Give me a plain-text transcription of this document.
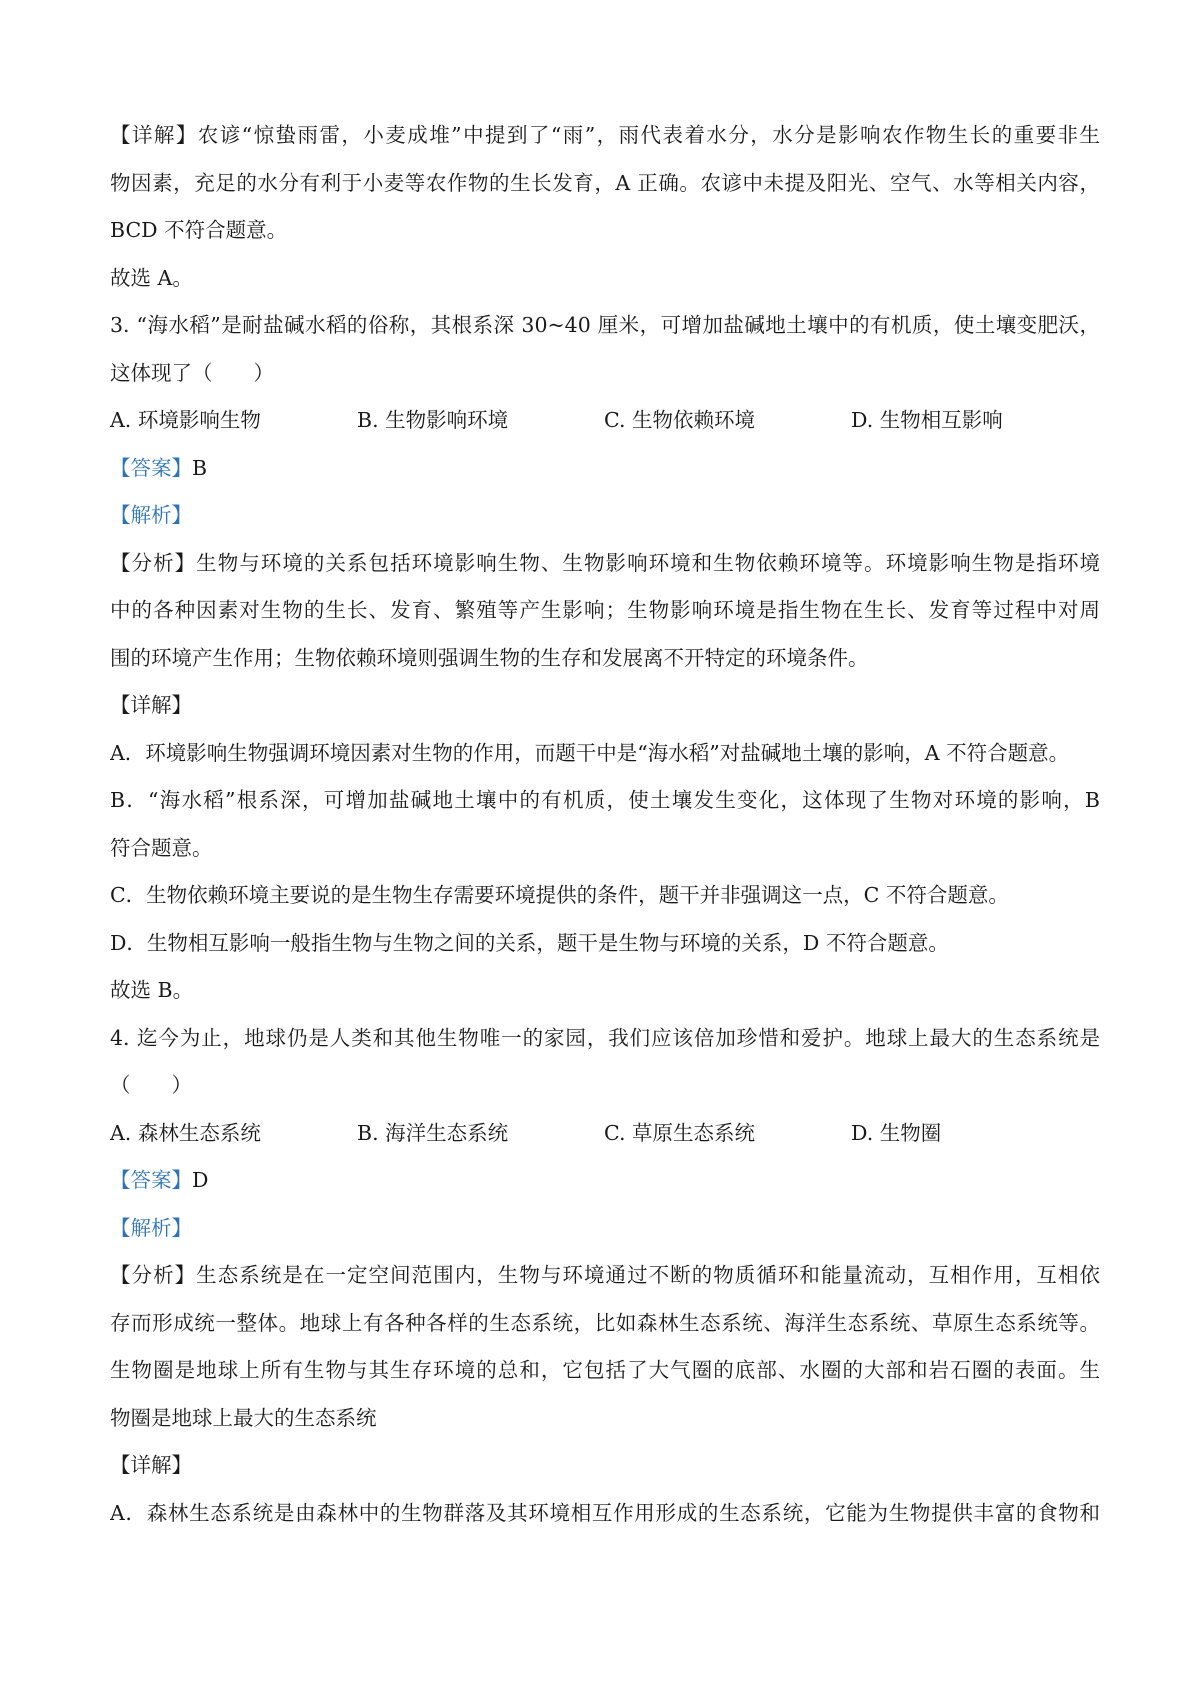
【详解】农谚“惊蛰雨雷，小麦成堆”中提到了“雨”，雨代表着水分，水分是影响农作物生长的重要非生
物因素，充足的水分有利于小麦等农作物的生长发育，A 正确。农谚中未提及阳光、空气、水等相关内容，
BCD 不符合题意。
故选 A。
3. “海水稻”是耐盐碱水稻的俗称，其根系深 30~40 厘米，可增加盐碱地土壤中的有机质，使土壤变肥沃，
这体现了（　　）
A. 环境影响生物	B. 生物影响环境	C. 生物依赖环境	D. 生物相互影响
【答案】B
【解析】
【分析】生物与环境的关系包括环境影响生物、生物影响环境和生物依赖环境等。环境影响生物是指环境
中的各种因素对生物的生长、发育、繁殖等产生影响；生物影响环境是指生物在生长、发育等过程中对周
围的环境产生作用；生物依赖环境则强调生物的生存和发展离不开特定的环境条件。
【详解】
A．环境影响生物强调环境因素对生物的作用，而题干中是“海水稻”对盐碱地土壤的影响，A 不符合题意。
B．“海水稻”根系深，可增加盐碱地土壤中的有机质，使土壤发生变化，这体现了生物对环境的影响，B
符合题意。
C．生物依赖环境主要说的是生物生存需要环境提供的条件，题干并非强调这一点，C 不符合题意。
D．生物相互影响一般指生物与生物之间的关系，题干是生物与环境的关系，D 不符合题意。
故选 B。
4. 迄今为止，地球仍是人类和其他生物唯一的家园，我们应该倍加珍惜和爱护。地球上最大的生态系统是
（　　）
A. 森林生态系统	B. 海洋生态系统	C. 草原生态系统	D. 生物圈
【答案】D
【解析】
【分析】生态系统是在一定空间范围内，生物与环境通过不断的物质循环和能量流动，互相作用，互相依
存而形成统一整体。地球上有各种各样的生态系统，比如森林生态系统、海洋生态系统、草原生态系统等。
生物圈是地球上所有生物与其生存环境的总和，它包括了大气圈的底部、水圈的大部和岩石圈的表面。生
物圈是地球上最大的生态系统
【详解】
A．森林生态系统是由森林中的生物群落及其环境相互作用形成的生态系统，它能为生物提供丰富的食物和
